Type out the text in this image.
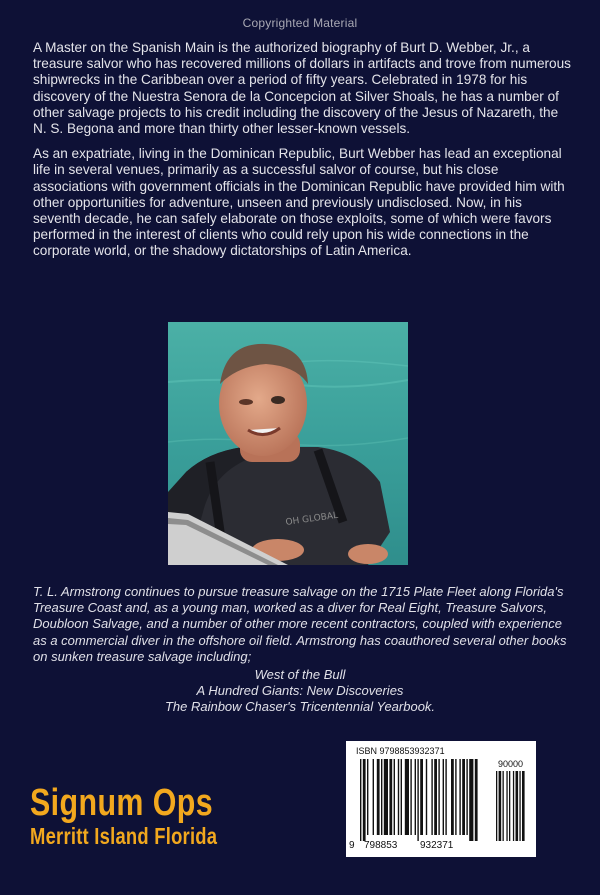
Copyrighted Material

A Master on the Spanish Main is the authorized biography of Burt D. Webber, Jr., a treasure salvor who has recovered millions of dollars in artifacts and trove from numerous shipwrecks in the Caribbean over a period of fifty years. Celebrated in 1978 for his discovery of the Nuestra Senora de la Concepcion at Silver Shoals, he has a number of other salvage projects to his credit including the discovery of the Jesus of Nazareth, the N. S. Begona and more than thirty other lesser-known vessels.

As an expatriate, living in the Dominican Republic, Burt Webber has lead an exceptional life in several venues, primarily as a successful salvor of course, but his close associations with government officials in the Dominican Republic have provided him with other opportunities for adventure, unseen and previously undisclosed. Now, in his seventh decade, he can safely elaborate on those exploits, some of which were favors performed in the interest of clients who could rely upon his wide connections in the corporate world, or the shadowy dictatorships of Latin America.

OH GLOBAL
T. L. Armstrong continues to pursue treasure salvage on the 1715 Plate Fleet along Florida's Treasure Coast and, as a young man, worked as a diver for Real Eight, Treasure Salvors, Doubloon Salvage, and a number of other more recent contractors, coupled with experience as a commercial diver in the offshore oil field. Armstrong has coauthored several other books on sunken treasure salvage including;
West of the Bull
A Hundred Giants: New Discoveries
The Rainbow Chaser's Tricentennial Yearbook.
Signum Ops
Merritt Island Florida
ISBN 9798853932371
90000
9 798853 932371
